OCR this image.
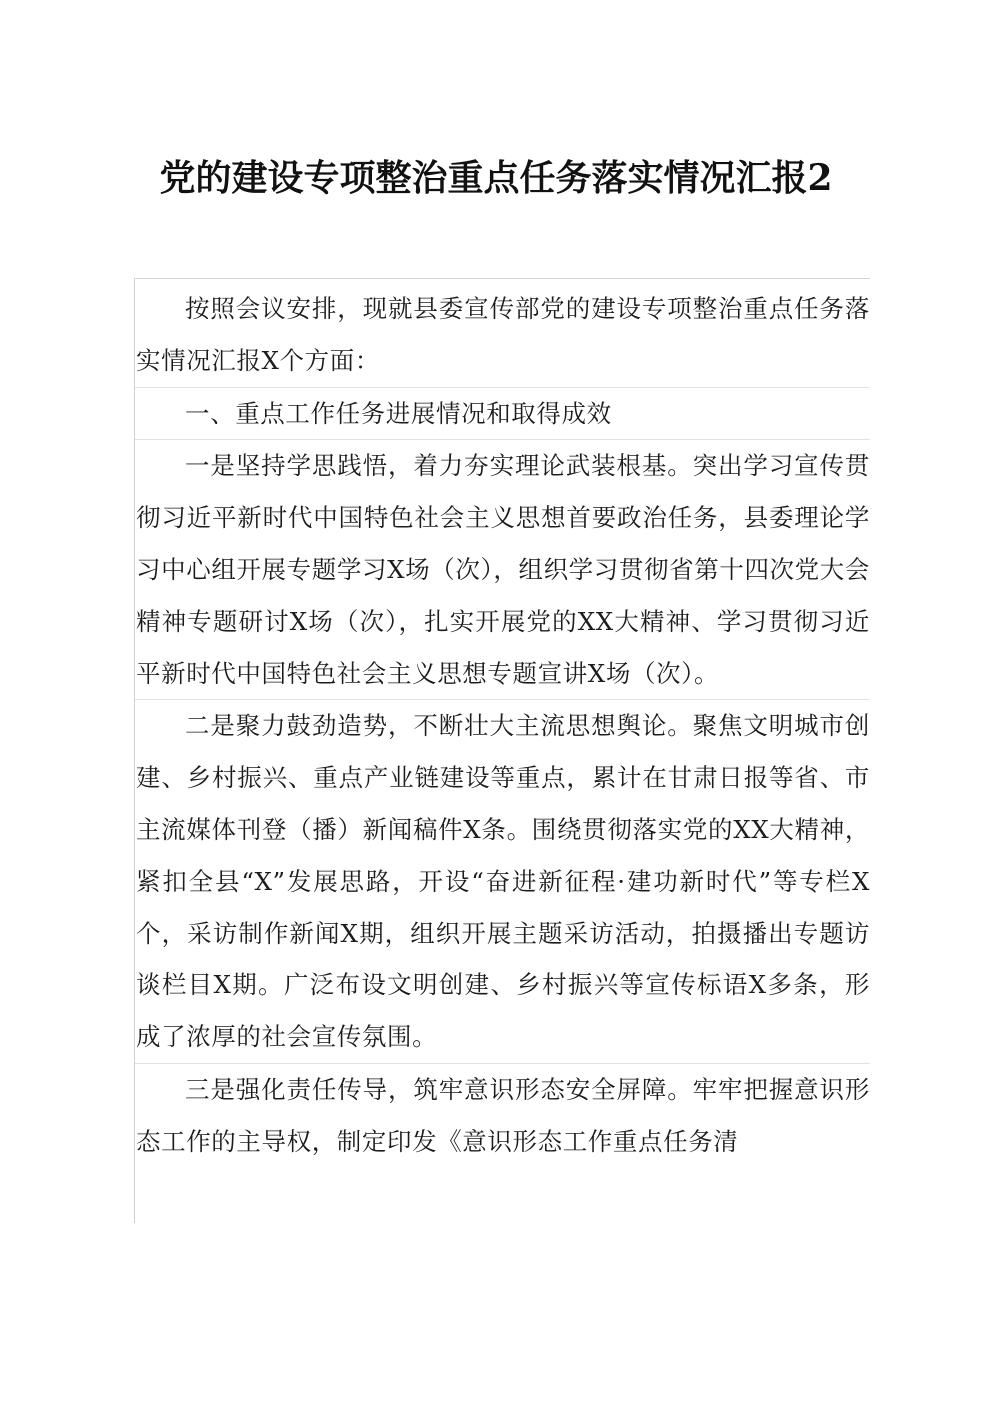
党的建设专项整治重点任务落实情况汇报2

按照会议安排，现就县委宣传部党的建设专项整治重点任务落实情况汇报X个方面：

一、重点工作任务进展情况和取得成效

一是坚持学思践悟，着力夯实理论武装根基。突出学习宣传贯彻习近平新时代中国特色社会主义思想首要政治任务，县委理论学习中心组开展专题学习X场（次），组织学习贯彻省第十四次党大会精神专题研讨X场（次），扎实开展党的XX大精神、学习贯彻习近平新时代中国特色社会主义思想专题宣讲X场（次）。

二是聚力鼓劲造势，不断壮大主流思想舆论。聚焦文明城市创建、乡村振兴、重点产业链建设等重点，累计在甘肃日报等省、市主流媒体刊登（播）新闻稿件X条。围绕贯彻落实党的XX大精神，紧扣全县“X”发展思路，开设“奋进新征程·建功新时代”等专栏X个，采访制作新闻X期，组织开展主题采访活动，拍摄播出专题访谈栏目X期。广泛布设文明创建、乡村振兴等宣传标语X多条，形成了浓厚的社会宣传氛围。

三是强化责任传导，筑牢意识形态安全屏障。牢牢把握意识形态工作的主导权，制定印发《意识形态工作重点任务清
